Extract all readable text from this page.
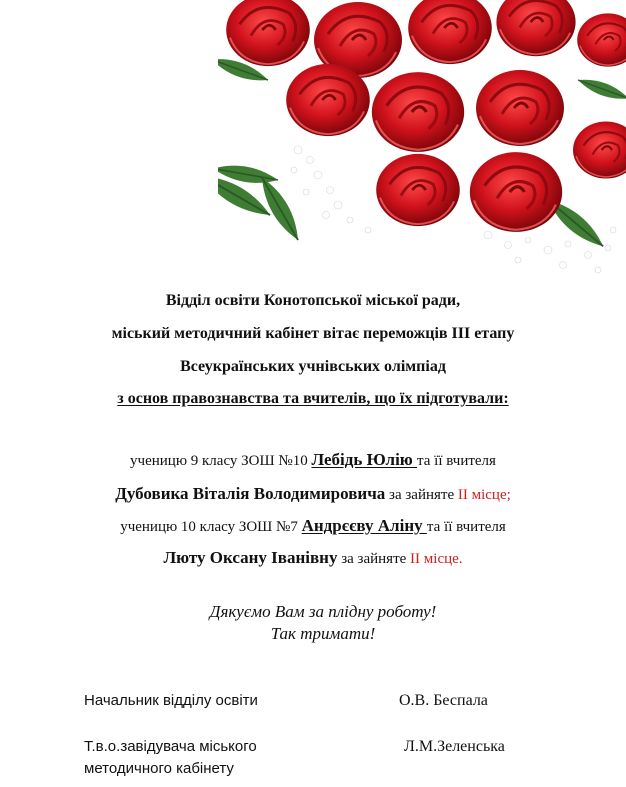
Відділ освіти Конотопської міської ради,
міський методичний кабінет вітає переможців ІІІ етапу
Всеукраїнських учнівських олімпіад
з основ правознавства та вчителів, що їх підготували:
ученицю 9 класу ЗОШ №10 Лебідь Юлію та її вчителя
Дубовика Віталія Володимировича за зайняте ІІ місце;
ученицю 10 класу ЗОШ №7 Андрєєву Аліну та її вчителя
Люту Оксану Іванівну за зайняте ІІ місце.
Дякуємо Вам за плідну роботу!
Так тримати!
Начальник відділу освіти	О.В. Беспала
Т.в.о.завідувача міського
методичного кабінету
Л.М.Зеленська
